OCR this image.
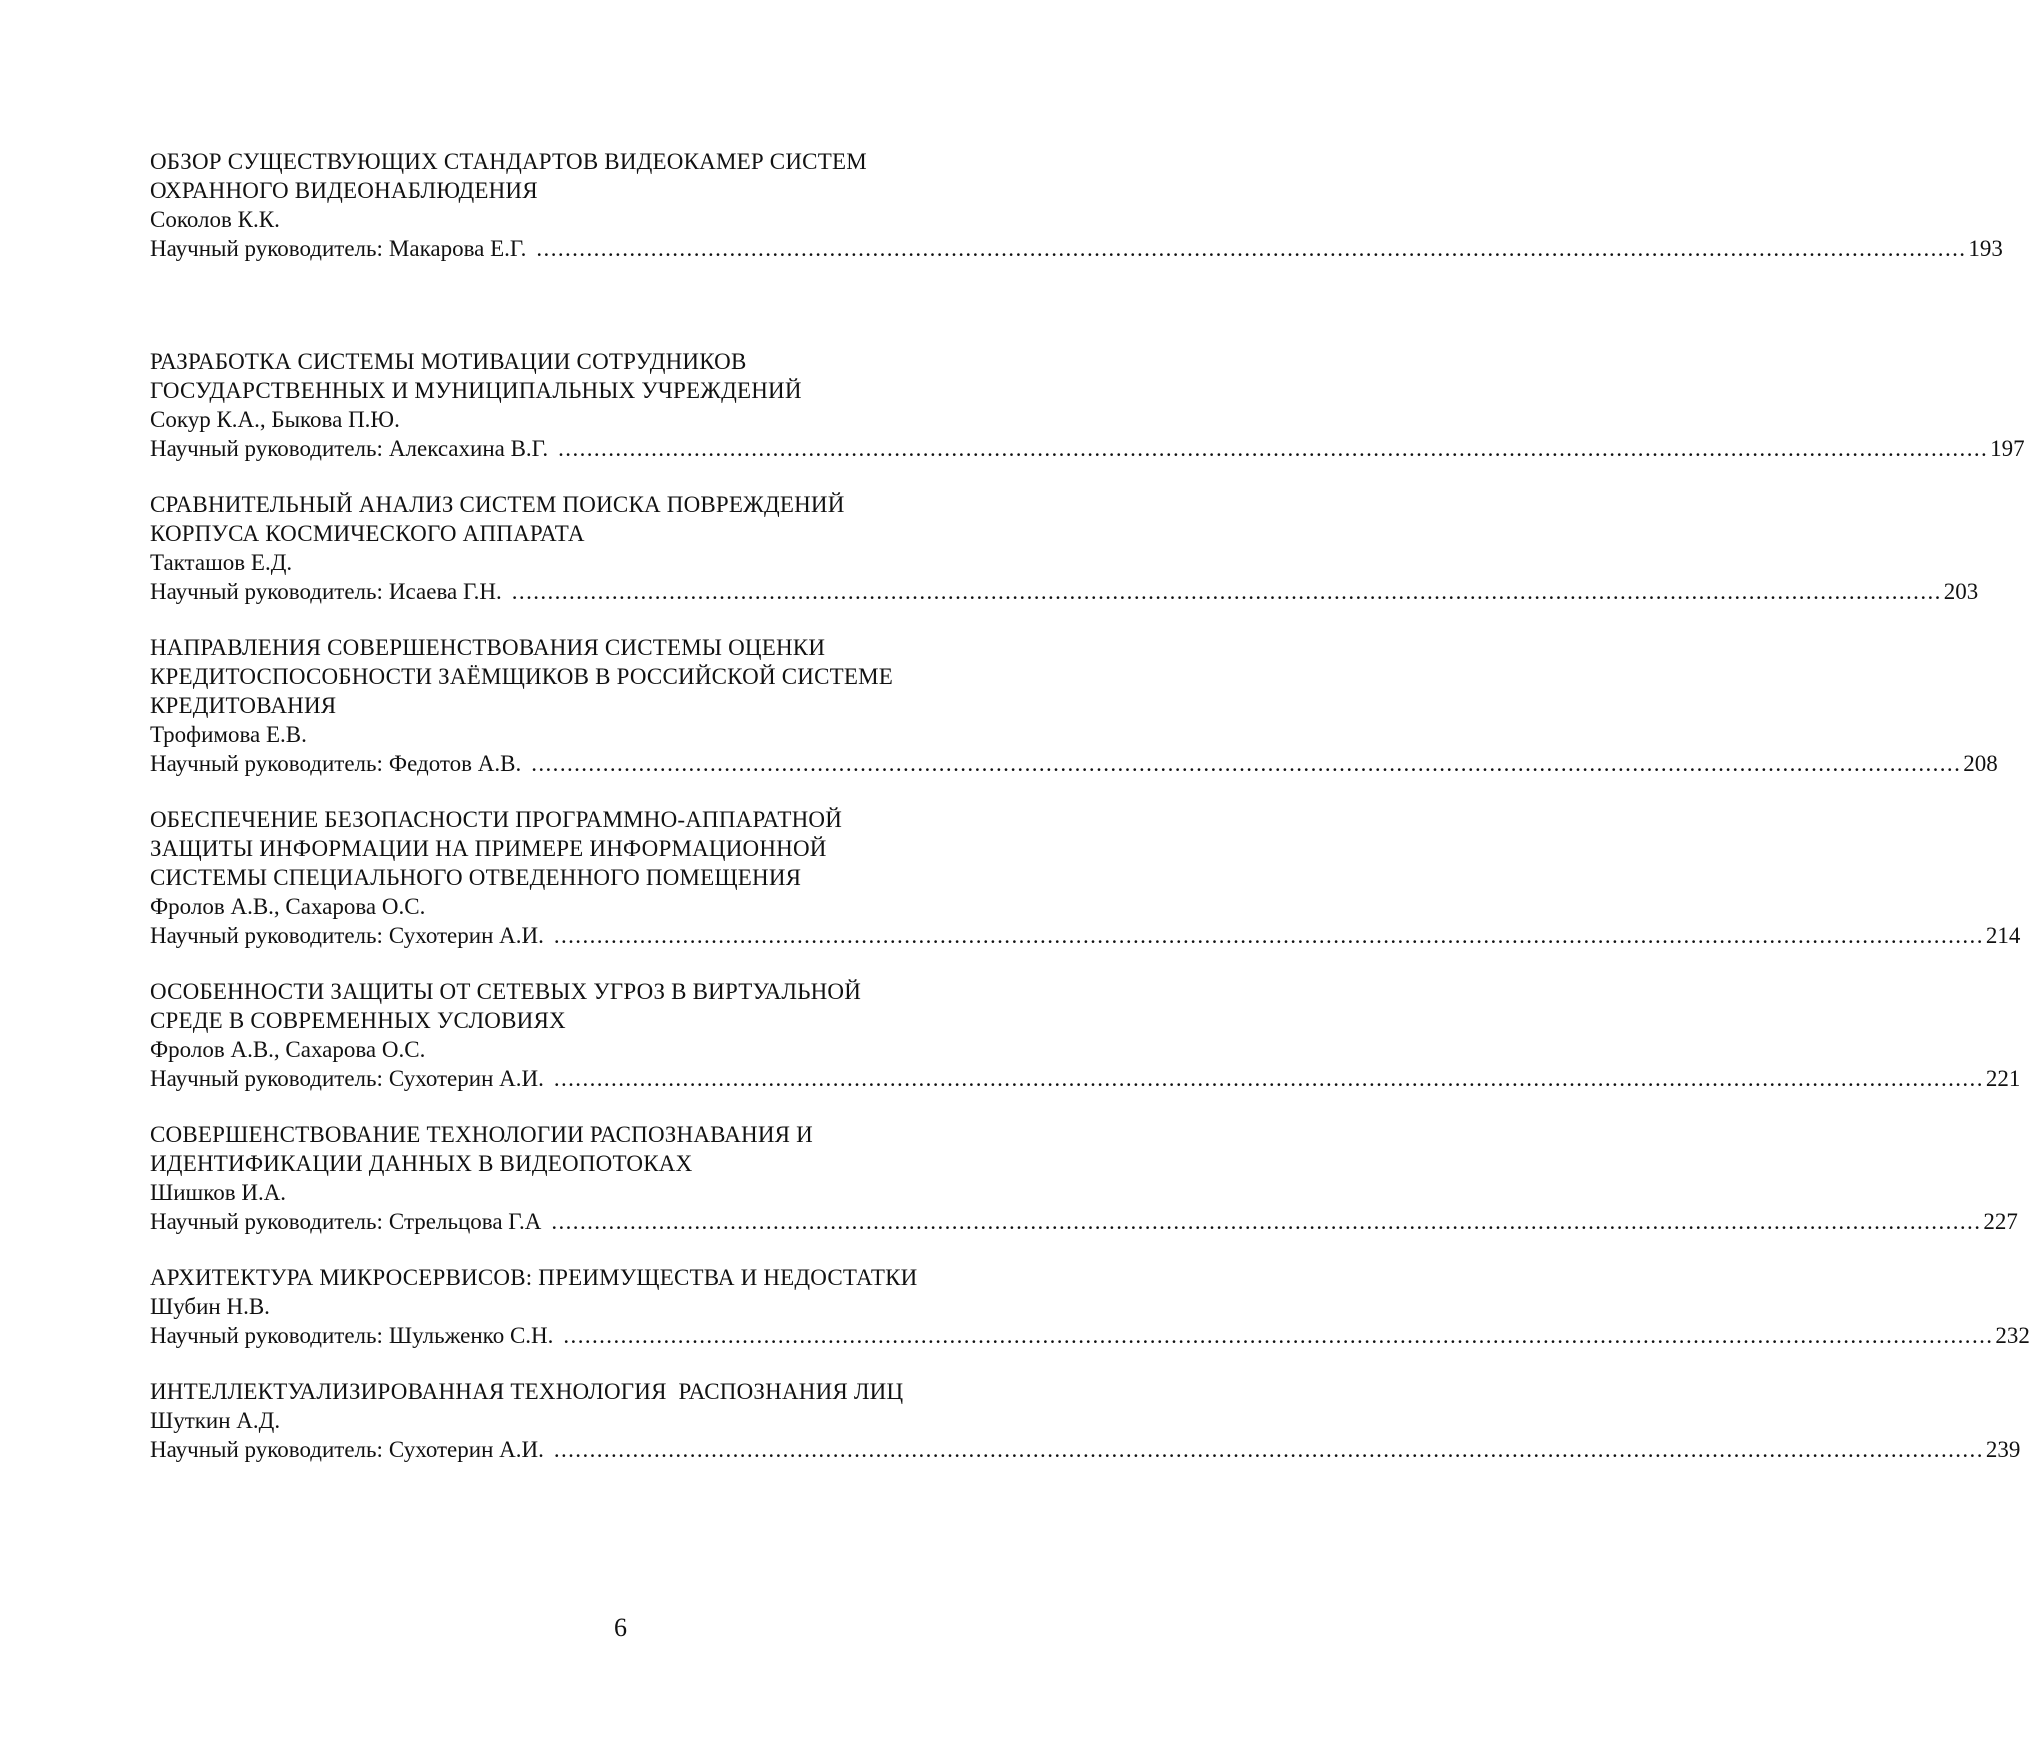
ОБЗОР СУЩЕСТВУЮЩИХ СТАНДАРТОВ ВИДЕОКАМЕР СИСТЕМ
ОХРАННОГО ВИДЕОНАБЛЮДЕНИЯ
Соколов К.К.
Научный руководитель: Макарова Е.Г. ........................................................................................................................................................................................................ 193
РАЗРАБОТКА СИСТЕМЫ МОТИВАЦИИ СОТРУДНИКОВ
ГОСУДАРСТВЕННЫХ И МУНИЦИПАЛЬНЫХ УЧРЕЖДЕНИЙ
Сокур К.А., Быкова П.Ю.
Научный руководитель: Алексахина В.Г. ........................................................................................................................................................................................................ 197
СРАВНИТЕЛЬНЫЙ АНАЛИЗ СИСТЕМ ПОИСКА ПОВРЕЖДЕНИЙ
КОРПУСА КОСМИЧЕСКОГО АППАРАТА
Такташов Е.Д.
Научный руководитель: Исаева Г.Н. ........................................................................................................................................................................................................ 203
НАПРАВЛЕНИЯ СОВЕРШЕНСТВОВАНИЯ СИСТЕМЫ ОЦЕНКИ
КРЕДИТОСПОСОБНОСТИ ЗАЁМЩИКОВ В РОССИЙСКОЙ СИСТЕМЕ
КРЕДИТОВАНИЯ
Трофимова Е.В.
Научный руководитель: Федотов А.В. ........................................................................................................................................................................................................ 208
ОБЕСПЕЧЕНИЕ БЕЗОПАСНОСТИ ПРОГРАММНО-АППАРАТНОЙ
ЗАЩИТЫ ИНФОРМАЦИИ НА ПРИМЕРЕ ИНФОРМАЦИОННОЙ
СИСТЕМЫ СПЕЦИАЛЬНОГО ОТВЕДЕННОГО ПОМЕЩЕНИЯ
Фролов А.В., Сахарова О.С.
Научный руководитель: Сухотерин А.И. ........................................................................................................................................................................................................ 214
ОСОБЕННОСТИ ЗАЩИТЫ ОТ СЕТЕВЫХ УГРОЗ В ВИРТУАЛЬНОЙ
СРЕДЕ В СОВРЕМЕННЫХ УСЛОВИЯХ
Фролов А.В., Сахарова О.С.
Научный руководитель: Сухотерин А.И. ........................................................................................................................................................................................................ 221
СОВЕРШЕНСТВОВАНИЕ ТЕХНОЛОГИИ РАСПОЗНАВАНИЯ И
ИДЕНТИФИКАЦИИ ДАННЫХ В ВИДЕОПОТОКАХ
Шишков И.А.
Научный руководитель: Стрельцова Г.А ........................................................................................................................................................................................................ 227
АРХИТЕКТУРА МИКРОСЕРВИСОВ: ПРЕИМУЩЕСТВА И НЕДОСТАТКИ
Шубин Н.В.
Научный руководитель: Шульженко С.Н. ........................................................................................................................................................................................................ 232
ИНТЕЛЛЕКТУАЛИЗИРОВАННАЯ ТЕХНОЛОГИЯ  РАСПОЗНАНИЯ ЛИЦ
Шуткин А.Д.
Научный руководитель: Сухотерин А.И. ........................................................................................................................................................................................................ 239
6
